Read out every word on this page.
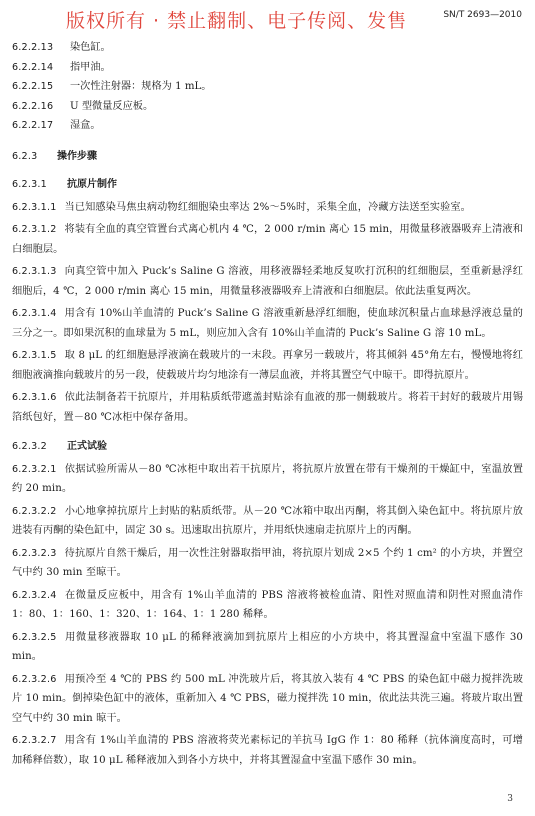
版权所有 · 禁止翻制、电子传阅、发售	SN/T 2693—2010
6.2.2.13 染色缸。
6.2.2.14 指甲油。
6.2.2.15 一次性注射器：规格为 1 mL。
6.2.2.16 U 型微量反应板。
6.2.2.17 湿盒。
6.2.3 操作步骤
6.2.3.1 抗原片制作
6.2.3.1.1 当已知感染马焦虫病动物红细胞染虫率达 2%～5%时，采集全血，冷藏方法送至实验室。
6.2.3.1.2 将装有全血的真空管置台式离心机内 4 ℃，2 000 r/min 离心 15 min，用微量移液器吸弃上清液和白细胞层。
6.2.3.1.3 向真空管中加入 Puck’s Saline G 溶液，用移液器轻柔地反复吹打沉积的红细胞层，至重新悬浮红细胞后，4 ℃，2 000 r/min 离心 15 min，用微量移液器吸弃上清液和白细胞层。依此法重复两次。
6.2.3.1.4 用含有 10%山羊血清的 Puck’s Saline G 溶液重新悬浮红细胞，使血球沉积量占血球悬浮液总量的三分之一。即如果沉积的血球量为 5 mL，则应加入含有 10%山羊血清的 Puck’s Saline G 溶 10 mL。
6.2.3.1.5 取 8 μL 的红细胞悬浮液滴在载玻片的一末段。再拿另一载玻片，将其倾斜 45°角左右，慢慢地将红细胞液滴推向载玻片的另一段，使载玻片均匀地涂有一薄层血液，并将其置空气中晾干。即得抗原片。
6.2.3.1.6 依此法制备若干抗原片，并用粘质纸带遮盖封贴涂有血液的那一侧载玻片。将若干封好的载玻片用锡箔纸包好，置－80 ℃冰柜中保存备用。
6.2.3.2 正式试验
6.2.3.2.1 依据试验所需从－80 ℃冰柜中取出若干抗原片，将抗原片放置在带有干燥剂的干燥缸中，室温放置约 20 min。
6.2.3.2.2 小心地拿掉抗原片上封贴的粘质纸带。从－20 ℃冰箱中取出丙酮，将其倒入染色缸中。将抗原片放进装有丙酮的染色缸中，固定 30 s。迅速取出抗原片，并用纸快速扇走抗原片上的丙酮。
6.2.3.2.3 待抗原片自然干燥后，用一次性注射器取指甲油，将抗原片划成 2×5 个约 1 cm² 的小方块，并置空气中约 30 min 至晾干。
6.2.3.2.4 在微量反应板中，用含有 1%山羊血清的 PBS 溶液将被检血清、阳性对照血清和阴性对照血清作 1：80、1：160、1：320、1：164、1：1 280 稀释。
6.2.3.2.5 用微量移液器取 10 μL 的稀释液滴加到抗原片上相应的小方块中，将其置湿盒中室温下感作 30 min。
6.2.3.2.6 用预冷至 4 ℃的 PBS 约 500 mL 冲洗玻片后，将其放入装有 4 ℃ PBS 的染色缸中磁力搅拌洗玻片 10 min。倒掉染色缸中的液体，重新加入 4 ℃ PBS，磁力搅拌洗 10 min，依此法共洗三遍。将玻片取出置空气中约 30 min 晾干。
6.2.3.2.7 用含有 1%山羊血清的 PBS 溶液将荧光素标记的羊抗马 IgG 作 1：80 稀释（抗体滴度高时，可增加稀释倍数），取 10 μL 稀释液加入到各小方块中，并将其置湿盒中室温下感作 30 min。
3
